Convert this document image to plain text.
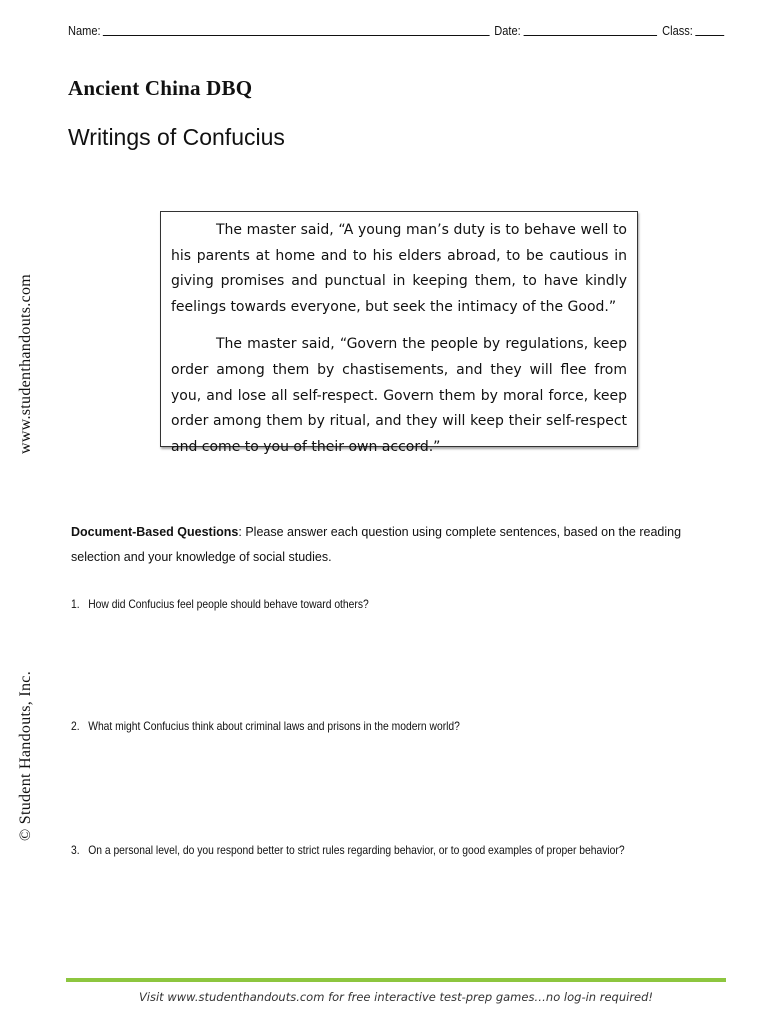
Name:	Date:	Class:
www.studenthandouts.com
© Student Handouts, Inc.
Ancient China DBQ
Writings of Confucius

The master said, “A young man’s duty is to behave well to his parents at home and to his elders abroad, to be cautious in giving promises and punctual in keeping them, to have kindly feelings towards everyone, but seek the intimacy of the Good.”

The master said, “Govern the people by regulations, keep order among them by chastisements, and they will flee from you, and lose all self-respect. Govern them by moral force, keep order among them by ritual, and they will keep their self-respect and come to you of their own accord.”

Document-Based Questions: Please answer each question using complete sentences, based on the reading selection and your knowledge of social studies.
1. How did Confucius feel people should behave toward others?
2. What might Confucius think about criminal laws and prisons in the modern world?
3. On a personal level, do you respond better to strict rules regarding behavior, or to good examples of proper behavior?
Visit www.studenthandouts.com for free interactive test-prep games…no log-in required!
